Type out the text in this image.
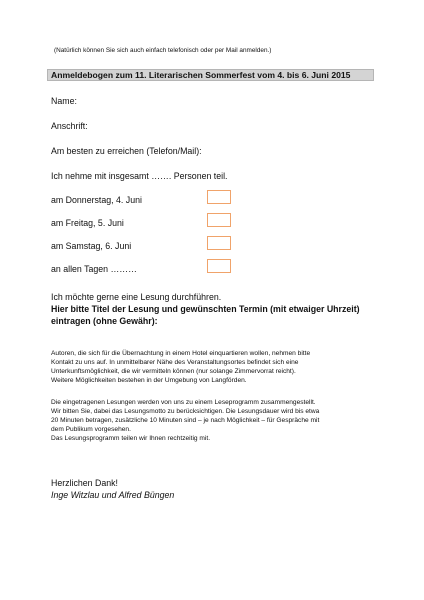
(Natürlich können Sie sich auch einfach telefonisch oder per Mail anmelden.)
Anmeldebogen zum 11. Literarischen Sommerfest vom 4. bis 6. Juni 2015
Name:
Anschrift:
Am besten zu erreichen (Telefon/Mail):
Ich nehme mit insgesamt ……. Personen teil.
am Donnerstag, 4. Juni
am Freitag, 5. Juni
am Samstag, 6. Juni
an allen Tagen ………
Ich möchte gerne eine Lesung durchführen.
Hier bitte Titel der Lesung und gewünschten Termin (mit etwaiger Uhrzeit)
eintragen (ohne Gewähr):
Autoren, die sich für die Übernachtung in einem Hotel einquartieren wollen, nehmen bitte
Kontakt zu uns auf. In unmittelbarer Nähe des Veranstaltungsortes befindet sich eine
Unterkunftsmöglichkeit, die wir vermitteln können (nur solange Zimmervorrat reicht).
Weitere Möglichkeiten bestehen in der Umgebung von Langförden.
Die eingetragenen Lesungen werden von uns zu einem Leseprogramm zusammengestellt.
Wir bitten Sie, dabei das Lesungsmotto zu berücksichtigen. Die Lesungsdauer wird bis etwa
20 Minuten betragen, zusätzliche 10 Minuten sind – je nach Möglichkeit – für Gespräche mit
dem Publikum vorgesehen.
Das Lesungsprogramm teilen wir Ihnen rechtzeitig mit.
Herzlichen Dank!
Inge Witzlau und Alfred Büngen
